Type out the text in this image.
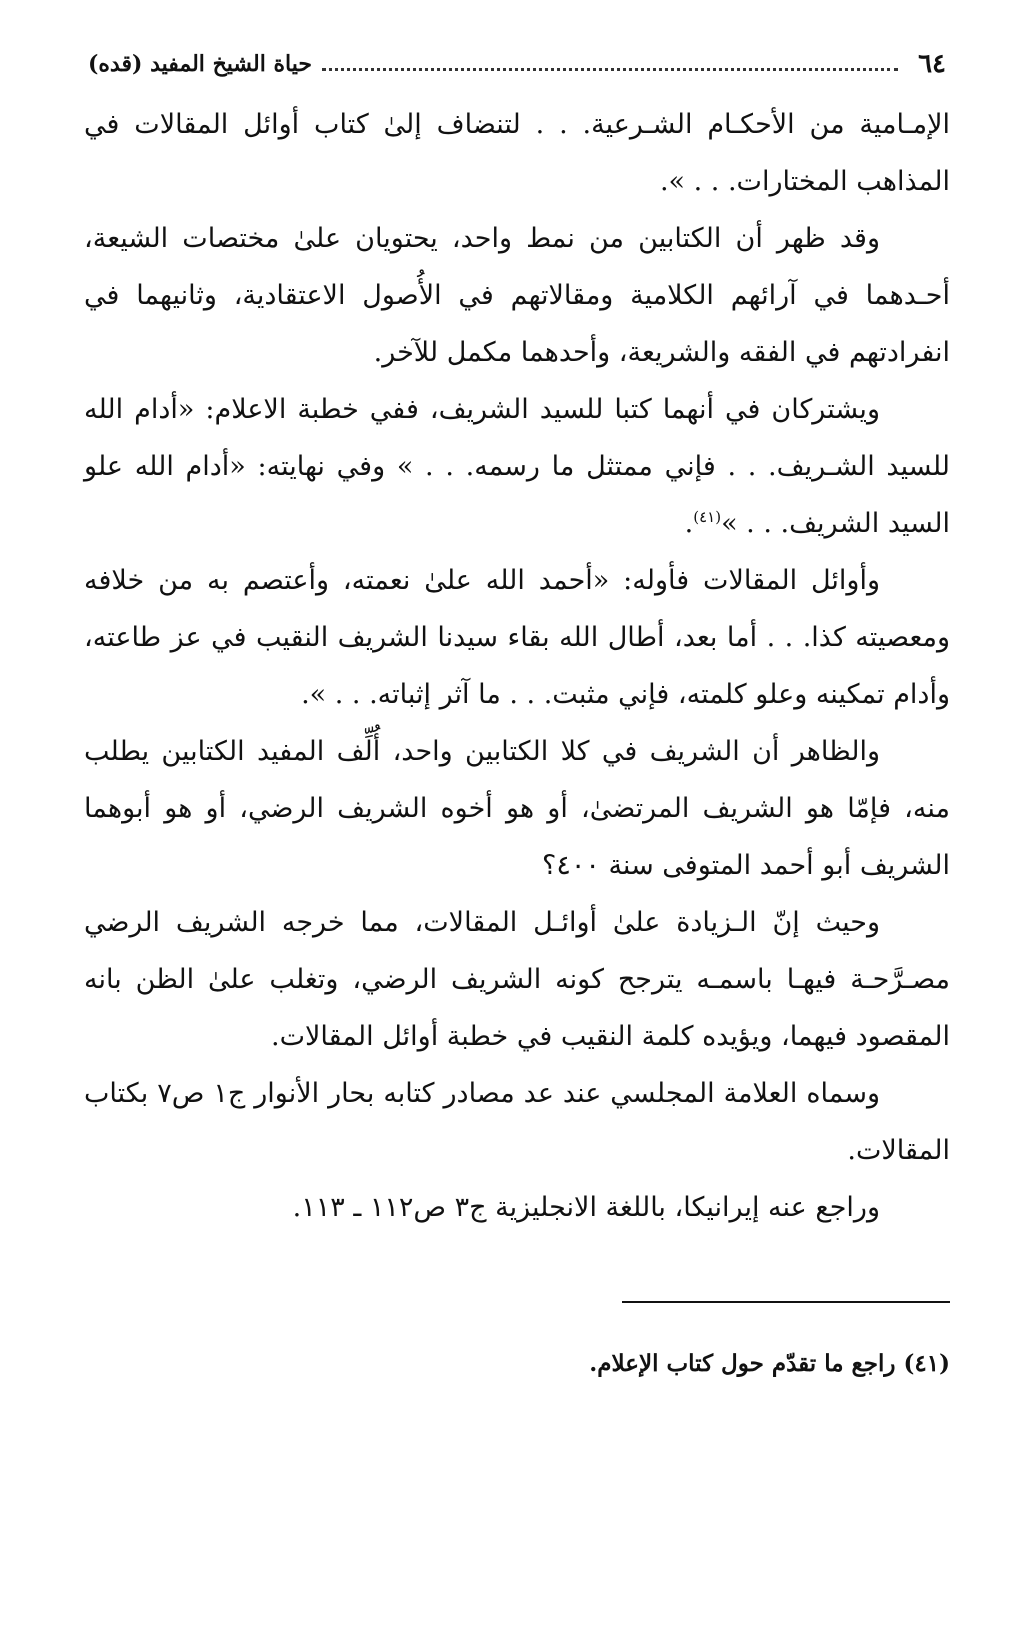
٦٤
حياة الشيخ المفيد (قده)

الإمـامية من الأحكـام الشـرعية. . . لتنضاف إلىٰ كتاب أوائل المقالات في المذاهب المختارات. . . ».

وقد ظهر أن الكتابين من نمط واحد، يحتويان علىٰ مختصات الشيعة، أحـدهما في آرائهم الكلامية ومقالاتهم في الأُصول الاعتقادية، وثانيهما في انفرادتهم في الفقه والشريعة، وأحدهما مكمل للآخر.

ويشتركان في أنهما كتبا للسيد الشريف، ففي خطبة الاعلام: «أدام الله للسيد الشـريف. . . فإني ممتثل ما رسمه. . . » وفي نهايته: «أدام الله علو السيد الشريف. . . »$^{(٤١)}$.

وأوائل المقالات فأوله: «أحمد الله علىٰ نعمته، وأعتصم به من خلافه ومعصيته كذا. . . أما بعد، أطال الله بقاء سيدنا الشريف النقيب في عز طاعته، وأدام تمكينه وعلو كلمته، فإني مثبت. . . ما آثر إثباته. . . ».

والظاهر أن الشريف في كلا الكتابين واحد، أُلِّف المفيد الكتابين يطلب منه، فإمّا هو الشريف المرتضىٰ، أو هو أخوه الشريف الرضي، أو هو أبوهما الشريف أبو أحمد المتوفى سنة ٤٠٠؟

وحيث إنّ الـزيادة علىٰ أوائـل المقالات، مما خرجه الشريف الرضي مصـرَّحـة فيهـا باسمـه يترجح كونه الشريف الرضي، وتغلب علىٰ الظن بانه المقصود فيهما، ويؤيده كلمة النقيب في خطبة أوائل المقالات.

وسماه العلامة المجلسي عند عد مصادر كتابه بحار الأنوار ج١ ص٧ بكتاب المقالات.

وراجع عنه إيرانيكا، باللغة الانجليزية ج٣ ص١١٢ ـ ١١٣.

(٤١) راجع ما تقدّم حول كتاب الإعلام.
